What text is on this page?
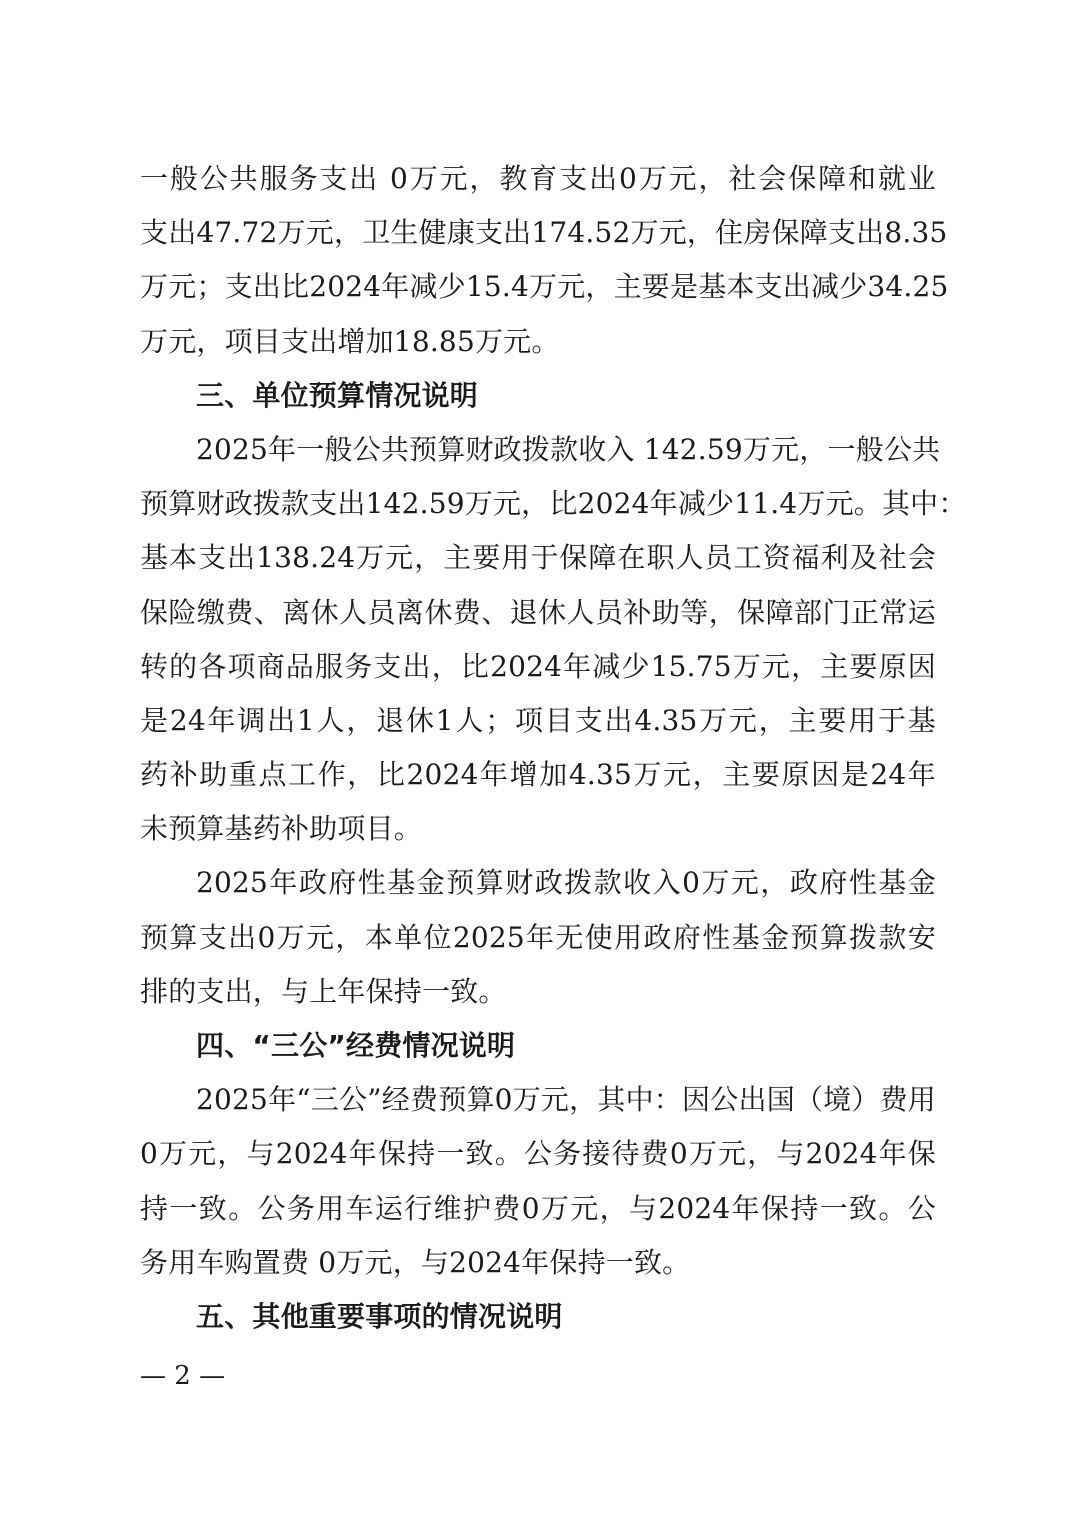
一般公共服务支出 0万元，教育支出0万元，社会保障和就业
支出47.72万元，卫生健康支出174.52万元，住房保障支出8.35
万元；支出比2024年减少15.4万元，主要是基本支出减少34.25
万元，项目支出增加18.85万元。
三、单位预算情况说明
2025年一般公共预算财政拨款收入 142.59万元，一般公共
预算财政拨款支出142.59万元，比2024年减少11.4万元。其中：
基本支出138.24万元，主要用于保障在职人员工资福利及社会
保险缴费、离休人员离休费、退休人员补助等，保障部门正常运
转的各项商品服务支出，比2024年减少15.75万元，主要原因
是24年调出1人，退休1人；项目支出4.35万元，主要用于基
药补助重点工作，比2024年增加4.35万元，主要原因是24年
未预算基药补助项目。
2025年政府性基金预算财政拨款收入0万元，政府性基金
预算支出0万元，本单位2025年无使用政府性基金预算拨款安
排的支出，与上年保持一致。
四、“三公”经费情况说明
2025年“三公”经费预算0万元，其中：因公出国（境）费用
0万元，与2024年保持一致。公务接待费0万元，与2024年保
持一致。公务用车运行维护费0万元，与2024年保持一致。公
务用车购置费 0万元，与2024年保持一致。
五、其他重要事项的情况说明
— 2 —
